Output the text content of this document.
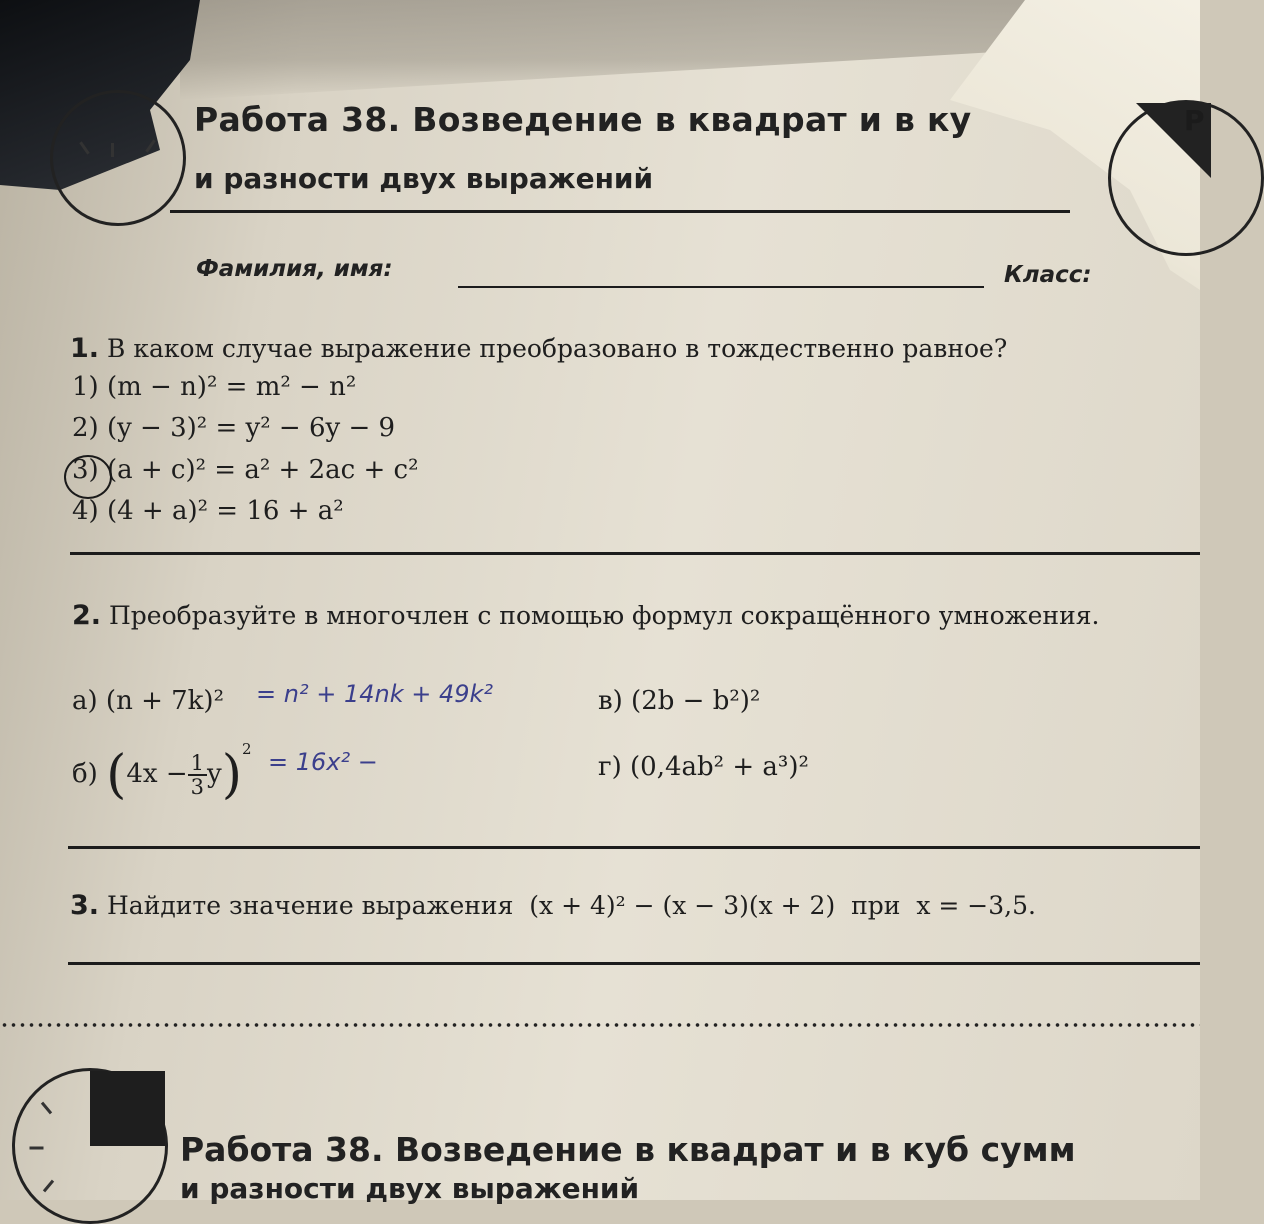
Работа 38. Возведение в квадрат и в ку
и разности двух выражений
Фамилия, имя:	Класс:
Р
1. В каком случае выражение преобразовано в тождественно равное?
1) (m − n)² = m² − n²
2) (y − 3)² = y² − 6y − 9
3) (a + c)² = a² + 2ac + c²
4) (4 + a)² = 16 + a²
2. Преобразуйте в многочлен с помощью формул сокращённого умножения.
а) (n + 7k)² = n² + 14nk + 49k²
б) $(4x - \frac{1}{3} y)^2 = 16x^2$ −
в) (2b − b²)²
г) (0,4ab² + a³)²
3. Найдите значение выражения (x + 4)² − (x − 3)(x + 2) при x = −3,5.
Работа 38. Возведение в квадрат и в куб сумм
и разности двух выражений
